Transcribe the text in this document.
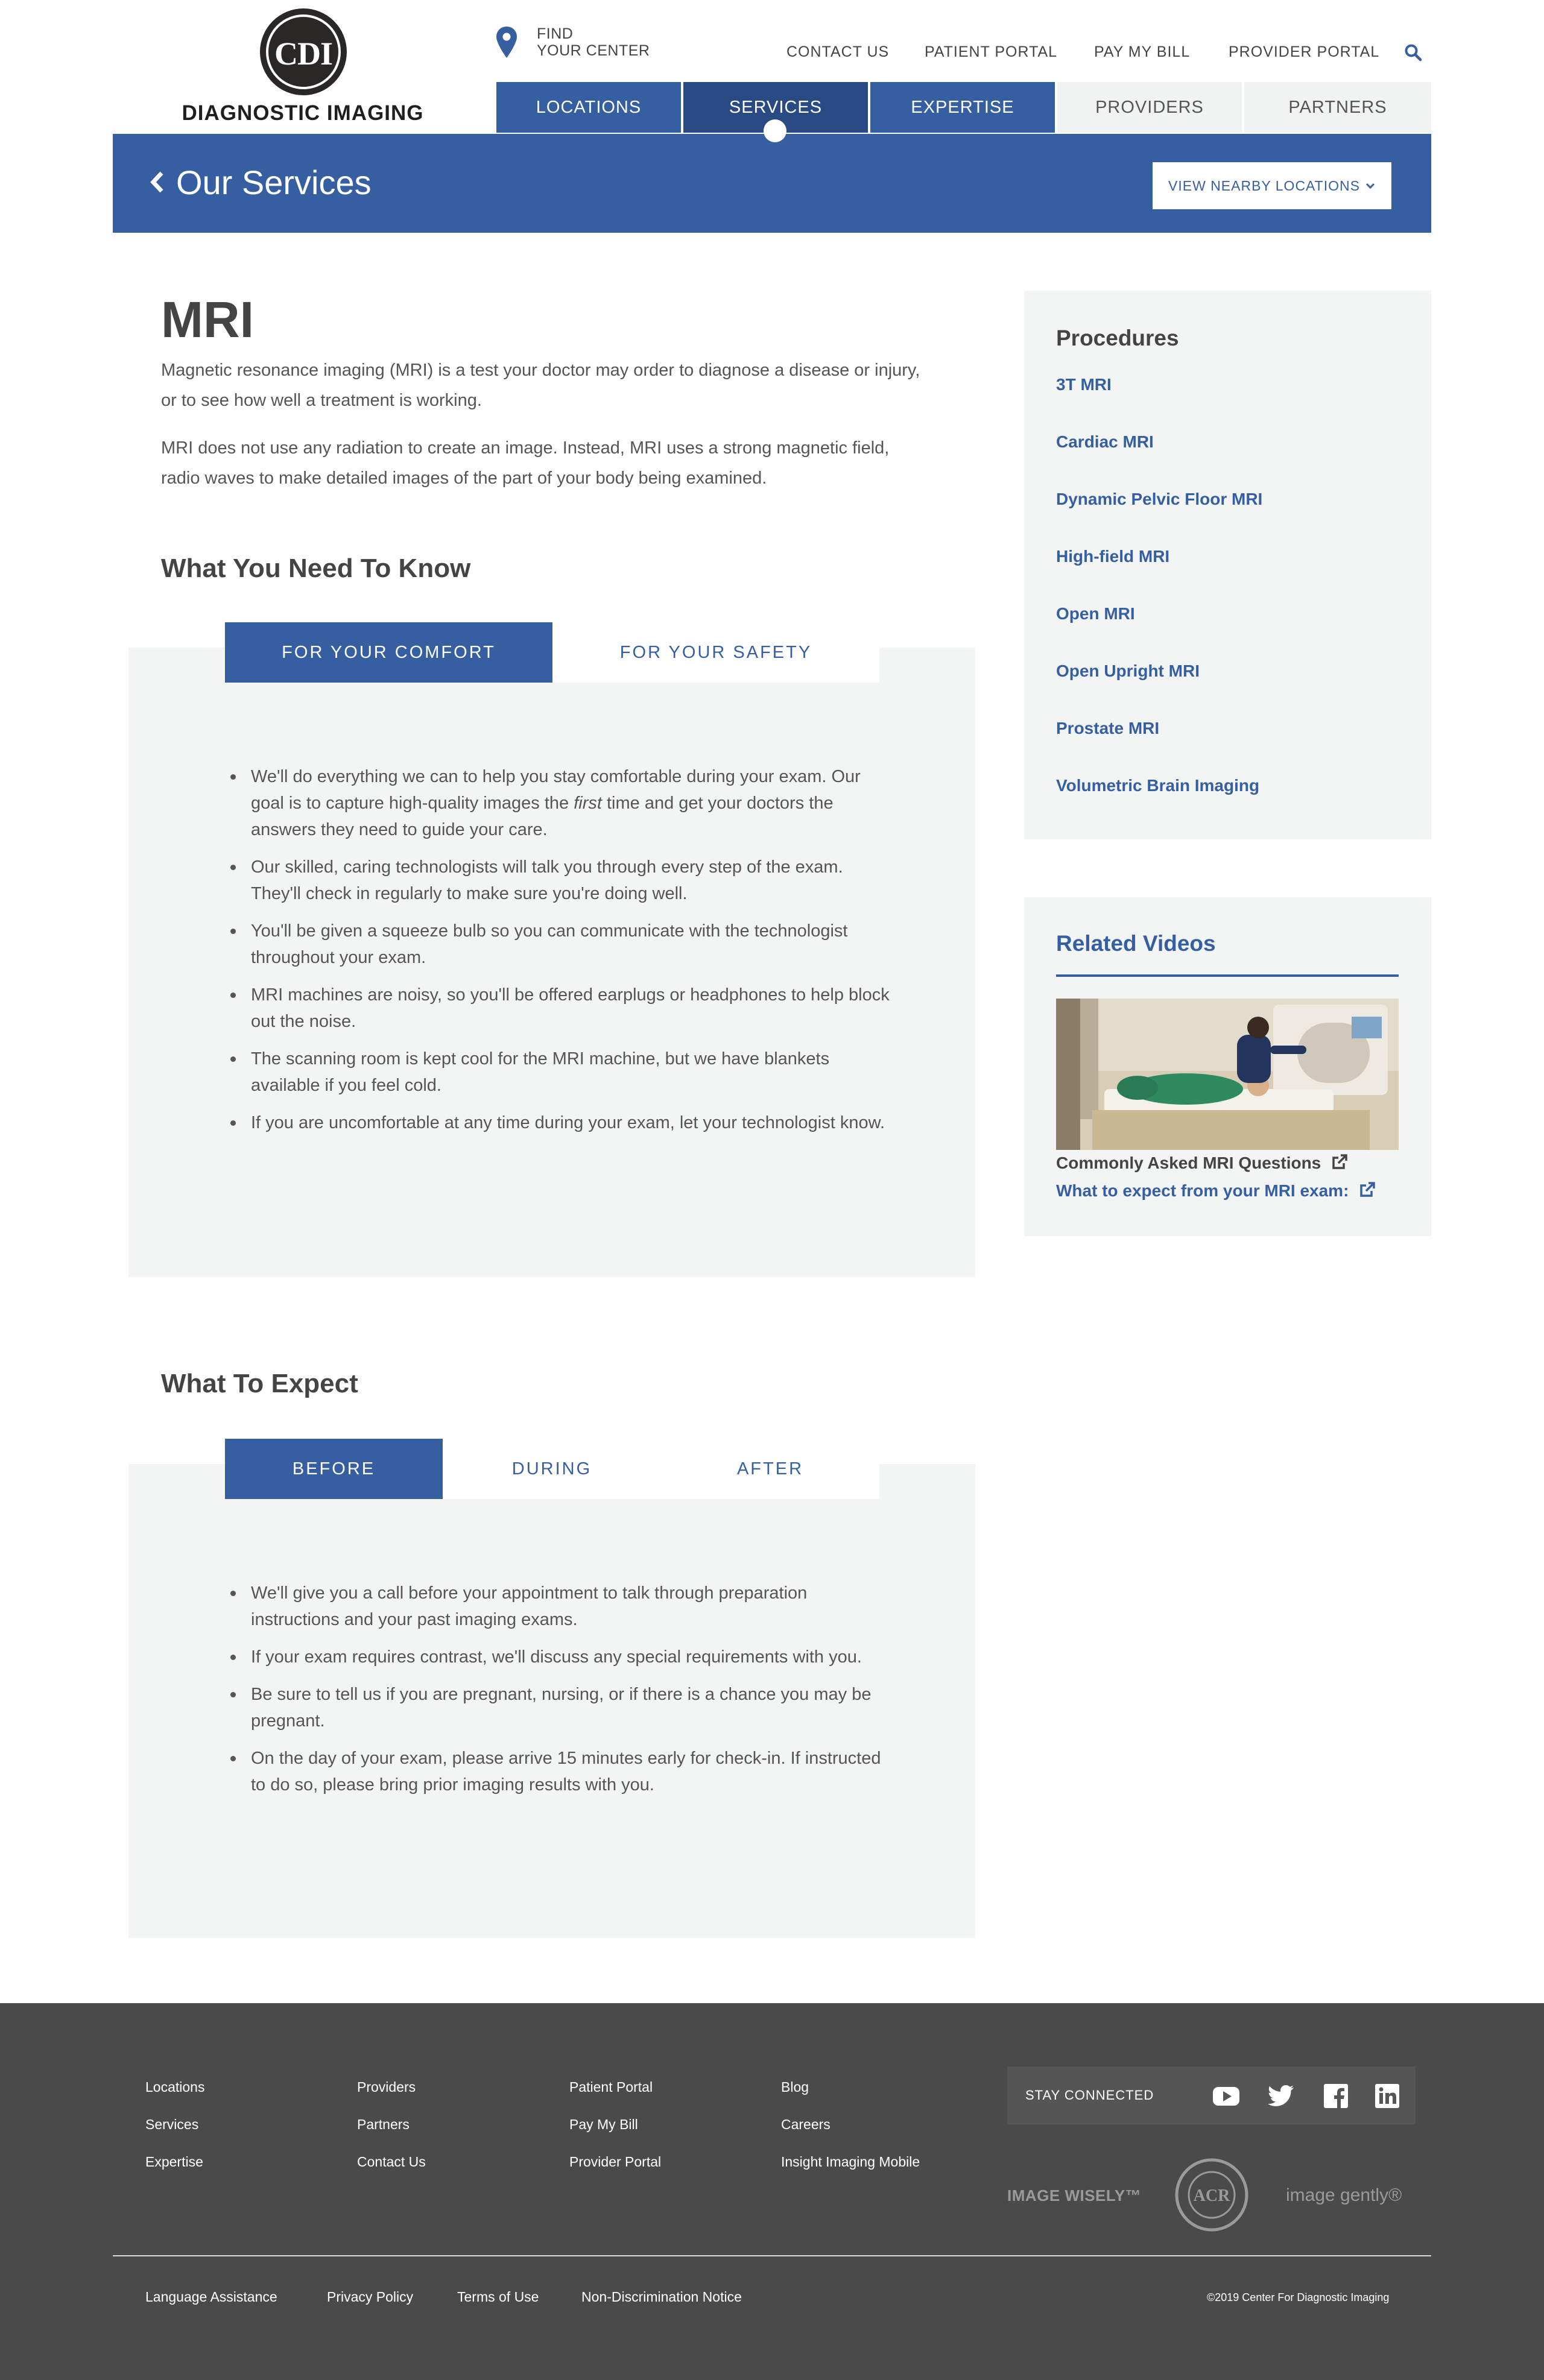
CDI
DIAGNOSTIC IMAGING
FIND
YOUR CENTER	CONTACT US PATIENT PORTAL PAY MY BILL	PROVIDER PORTAL
LOCATIONS	SERVICES	EXPERTISE	PROVIDERS	PARTNERS
Our Services	VIEW NEARBY LOCATIONS
MRI

Magnetic resonance imaging (MRI) is a test your doctor may order to diagnose a disease or injury, or to see how well a treatment is working.

MRI does not use any radiation to create an image. Instead, MRI uses a strong magnetic field, radio waves to make detailed images of the part of your body being examined.

What You Need To Know
FOR YOUR COMFORT	FOR YOUR SAFETY
We'll do everything we can to help you stay comfortable during your exam. Our goal is to capture high-quality images the first time and get your doctors the answers they need to guide your care.
Our skilled, caring technologists will talk you through every step of the exam. They'll check in regularly to make sure you're doing well.
You'll be given a squeeze bulb so you can communicate with the technologist throughout your exam.
MRI machines are noisy, so you'll be offered earplugs or headphones to help block out the noise.
The scanning room is kept cool for the MRI machine, but we have blankets available if you feel cold.
If you are uncomfortable at any time during your exam, let your technologist know.
What To Expect
BEFORE	DURING	AFTER
We'll give you a call before your appointment to talk through preparation instructions and your past imaging exams.
If your exam requires contrast, we'll discuss any special requirements with you.
Be sure to tell us if you are pregnant, nursing, or if there is a chance you may be pregnant.
On the day of your exam, please arrive 15 minutes early for check-in. If instructed to do so, please bring prior imaging results with you.
Procedures
3T MRI
Cardiac MRI
Dynamic Pelvic Floor MRI
High-field MRI
Open MRI
Open Upright MRI
Prostate MRI
Volumetric Brain Imaging
Related Videos
Commonly Asked MRI Questions
What to expect from your MRI exam:
Locations
Services
Expertise
Providers
Partners
Contact Us
Patient Portal
Pay My Bill
Provider Portal
Blog
Careers
Insight Imaging Mobile
STAY CONNECTED
IMAGE WISELY™	ACR	image gently®
Language Assistance	Privacy Policy	Terms of Use	Non-Discrimination Notice	©2019 Center For Diagnostic Imaging
